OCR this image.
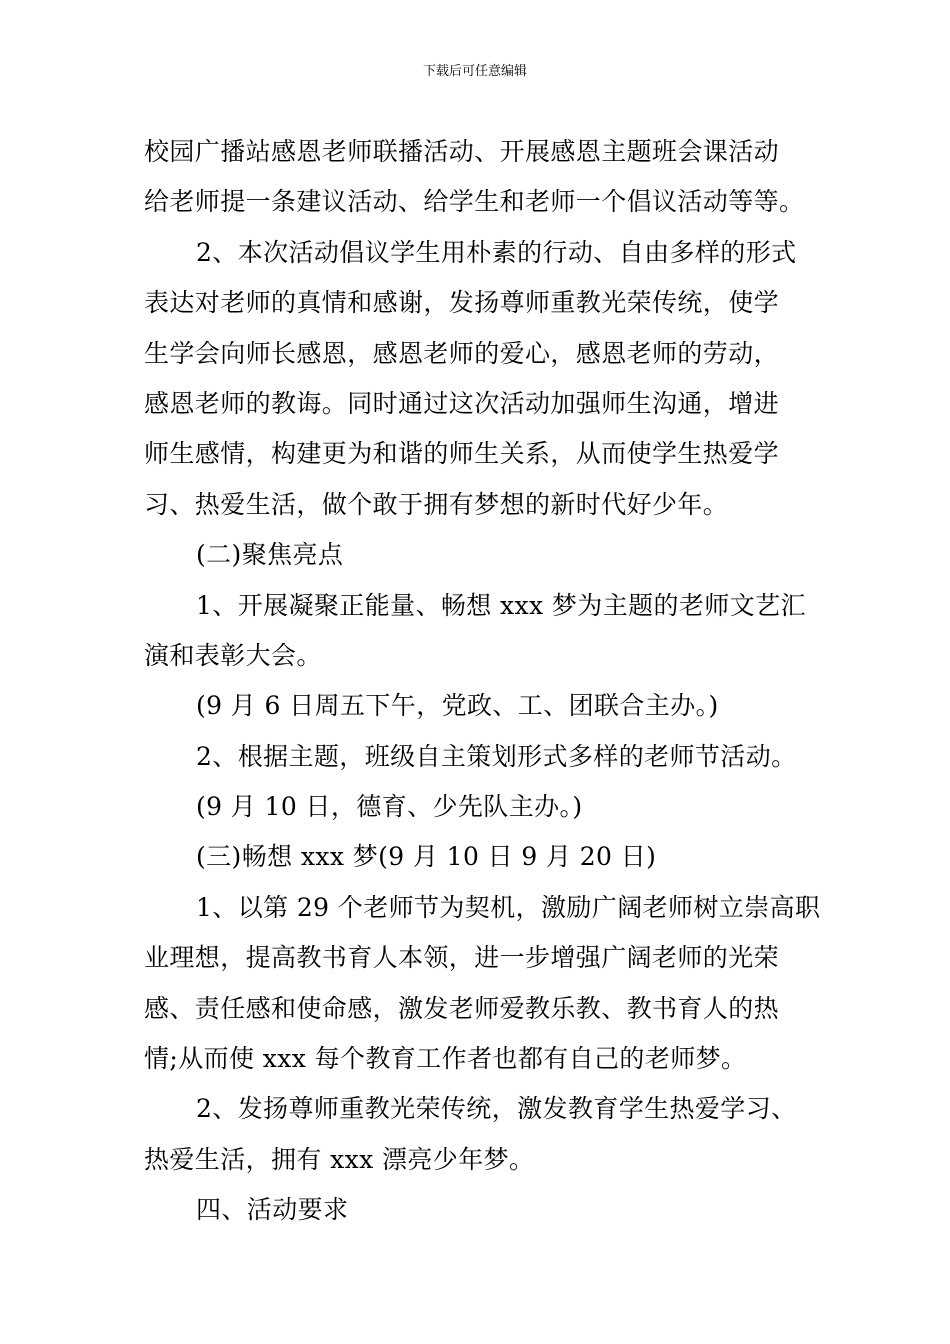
下载后可任意编辑
校园广播站感恩老师联播活动、开展感恩主题班会课活动
给老师提一条建议活动、给学生和老师一个倡议活动等等。
2、本次活动倡议学生用朴素的行动、自由多样的形式
表达对老师的真情和感谢，发扬尊师重教光荣传统，使学
生学会向师长感恩，感恩老师的爱心，感恩老师的劳动，
感恩老师的教诲。同时通过这次活动加强师生沟通，增进
师生感情，构建更为和谐的师生关系，从而使学生热爱学
习、热爱生活，做个敢于拥有梦想的新时代好少年。
(二)聚焦亮点
1、开展凝聚正能量、畅想 xxx 梦为主题的老师文艺汇
演和表彰大会。
(9 月 6 日周五下午，党政、工、团联合主办。)
2、根据主题，班级自主策划形式多样的老师节活动。
(9 月 10 日，德育、少先队主办。)
(三)畅想 xxx 梦(9 月 10 日 9 月 20 日)
1、以第 29 个老师节为契机，激励广阔老师树立崇高职
业理想，提高教书育人本领，进一步增强广阔老师的光荣
感、责任感和使命感，激发老师爱教乐教、教书育人的热
情;从而使 xxx 每个教育工作者也都有自己的老师梦。
2、发扬尊师重教光荣传统，激发教育学生热爱学习、
热爱生活，拥有 xxx 漂亮少年梦。
四、活动要求
